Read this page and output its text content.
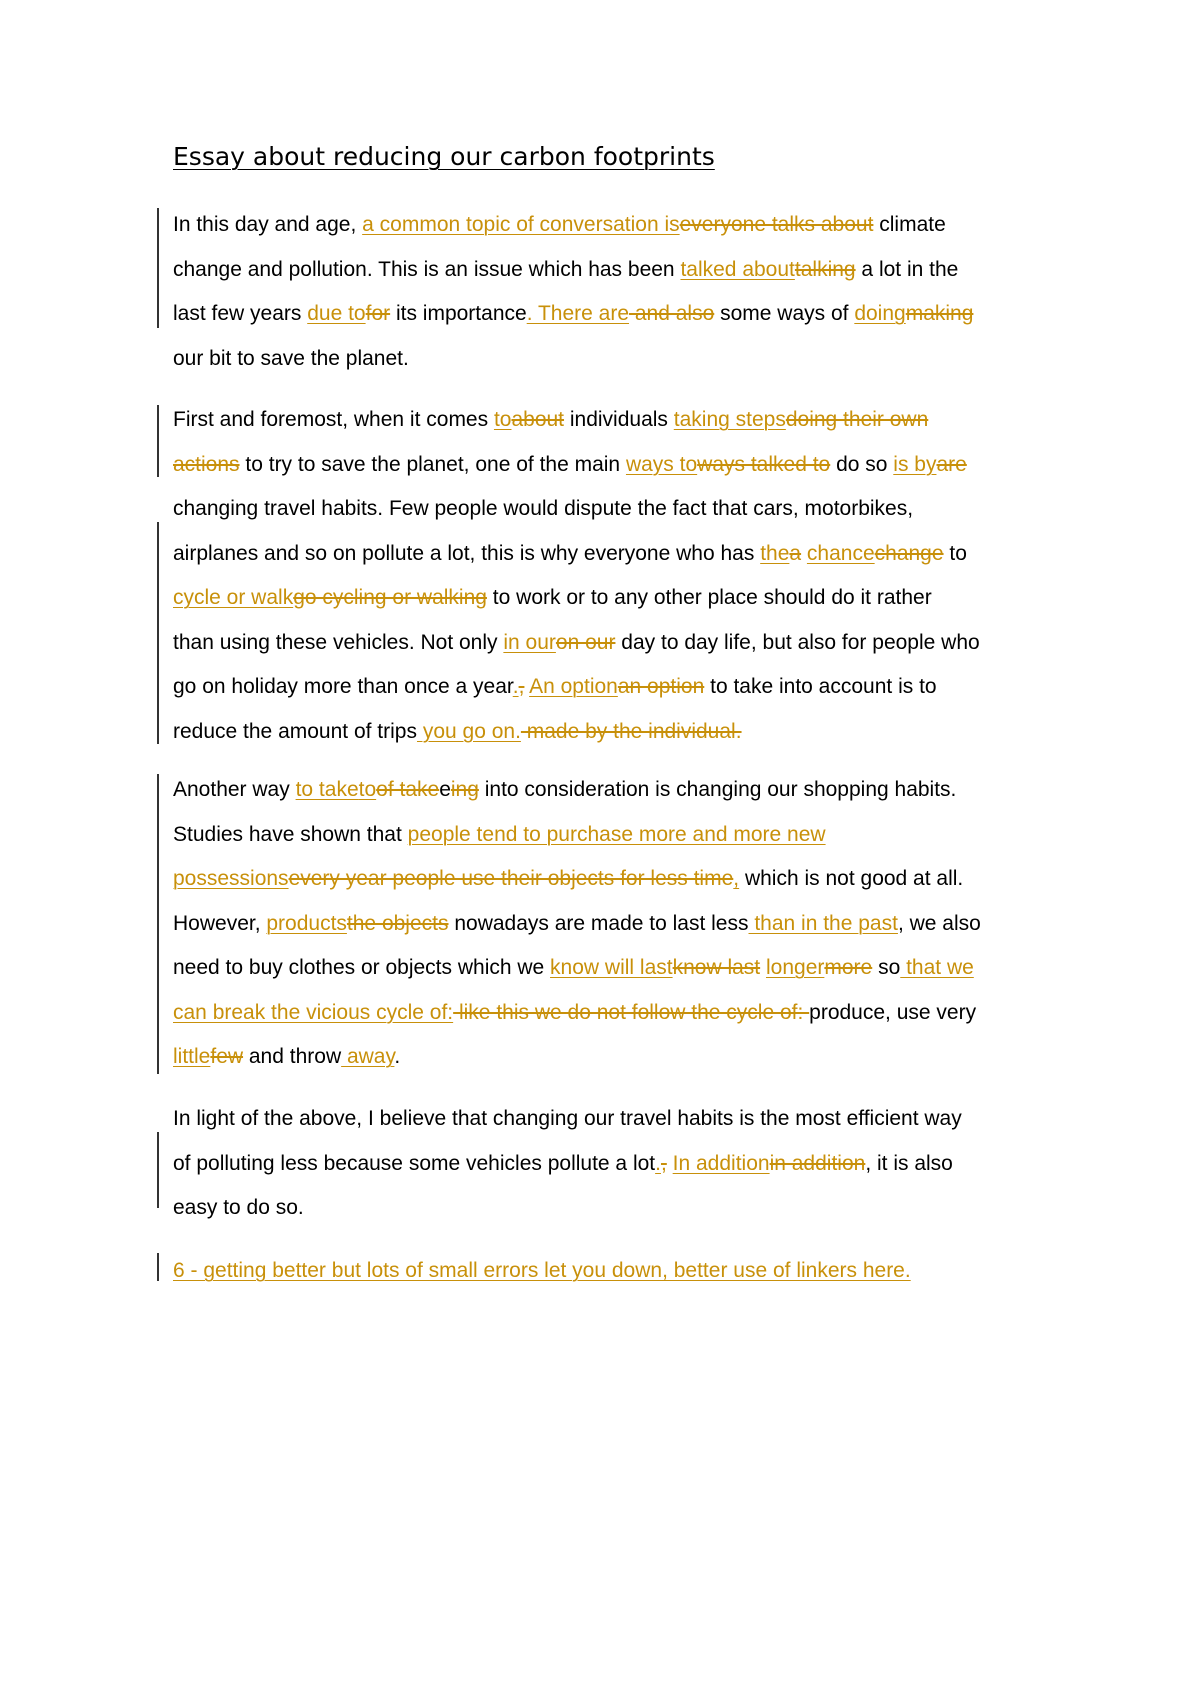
Essay about reducing our carbon footprints
In this day and age, a common topic of conversation iseveryone talks about climate
change and pollution. This is an issue which has been talked abouttalking a lot in the
last few years due tofor its importance. There are and also some ways of doingmaking
our bit to save the planet.
First and foremost, when it comes toabout individuals taking stepsdoing their own
actions to try to save the planet, one of the main ways toways talked to do so is byare
changing travel habits. Few people would dispute the fact that cars, motorbikes,
airplanes and so on pollute a lot, this is why everyone who has thea chancechange to
cycle or walkgo cycling or walking to work or to any other place should do it rather
than using these vehicles. Not only in ouron our day to day life, but also for people who
go on holiday more than once a year., An optionan option to take into account is to
reduce the amount of trips you go on. made by the individual.
Another way to taketoof takeeing into consideration is changing our shopping habits.
Studies have shown that people tend to purchase more and more new
possessionsevery year people use their objects for less time, which is not good at all.
However, productsthe objects nowadays are made to last less than in the past, we also
need to buy clothes or objects which we know will lastknow last longermore so that we
can break the vicious cycle of: like this we do not follow the cycle of: produce, use very
littlefew and throw away.
In light of the above, I believe that changing our travel habits is the most efficient way
of polluting less because some vehicles pollute a lot., In additionin addition, it is also
easy to do so.
6 - getting better but lots of small errors let you down, better use of linkers here.
